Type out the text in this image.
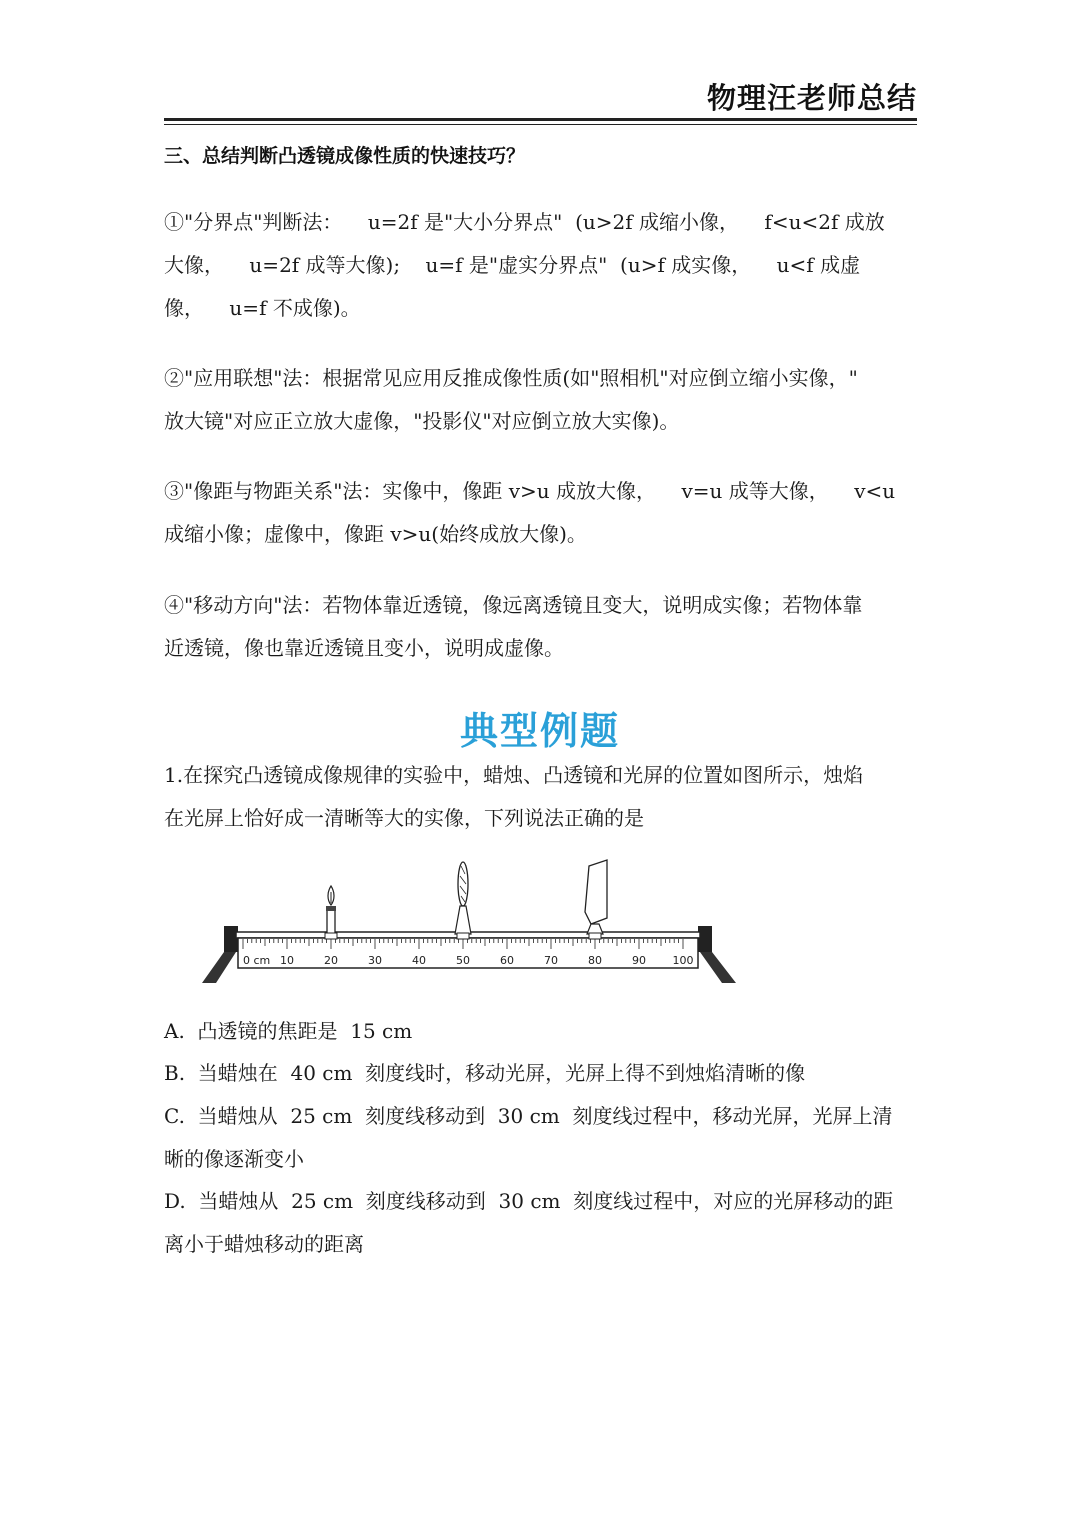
物理汪老师总结
三、总结判断凸透镜成像性质的快速技巧？
①"分界点"判断法：    u=2f 是"大小分界点"  (u>2f 成缩小像，    f<u<2f 成放
大像，    u=2f 成等大像);    u=f 是"虚实分界点"  (u>f 成实像，    u<f 成虚
像，    u=f 不成像)。
②"应用联想"法：根据常见应用反推成像性质(如"照相机"对应倒立缩小实像，"
放大镜"对应正立放大虚像，"投影仪"对应倒立放大实像)。
③"像距与物距关系"法：实像中，像距 v>u 成放大像，    v=u 成等大像，    v<u
成缩小像；虚像中，像距 v>u(始终成放大像)。
④"移动方向"法：若物体靠近透镜，像远离透镜且变大，说明成实像；若物体靠
近透镜，像也靠近透镜且变小，说明成虚像。
典型例题
1.在探究凸透镜成像规律的实验中，蜡烛、凸透镜和光屏的位置如图所示，烛焰
在光屏上恰好成一清晰等大的实像，下列说法正确的是
0 cm 10	20	30	40	50	60	70	80	90 100
A.  凸透镜的焦距是  15 cm
B.  当蜡烛在  40 cm  刻度线时，移动光屏，光屏上得不到烛焰清晰的像
C.  当蜡烛从  25 cm  刻度线移动到  30 cm  刻度线过程中，移动光屏，光屏上清
晰的像逐渐变小
D.  当蜡烛从  25 cm  刻度线移动到  30 cm  刻度线过程中，对应的光屏移动的距
离小于蜡烛移动的距离
